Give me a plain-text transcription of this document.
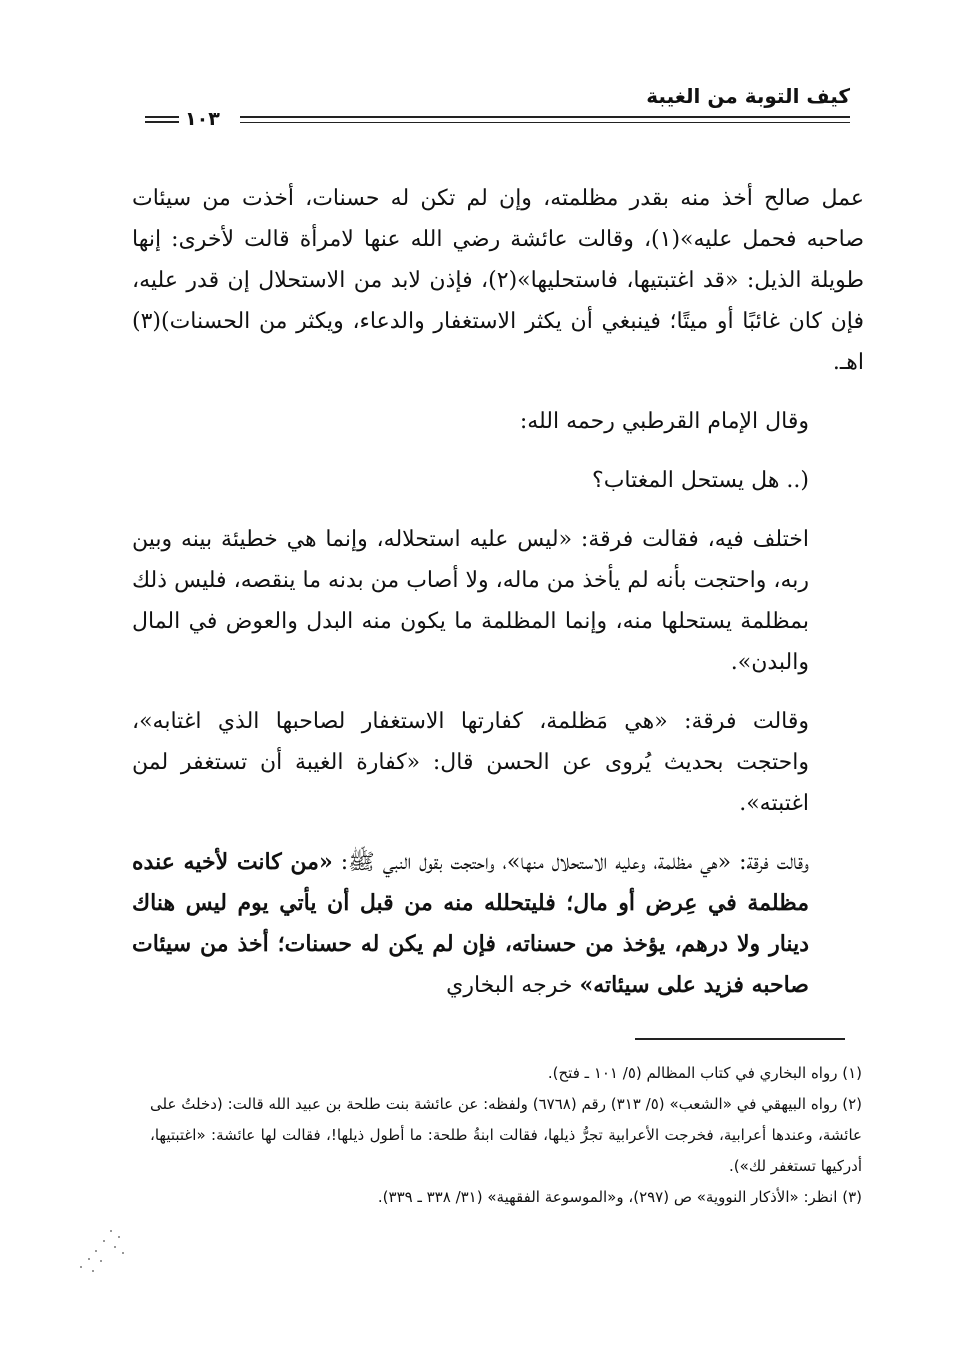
كيف التوبة من الغيبة
١٠٣

عمل صالح أخذ منه بقدر مظلمته، وإن لم تكن له حسنات، أخذت من سيئات صاحبه فحمل عليه»(١)، وقالت عائشة رضي الله عنها لامرأة قالت لأخرى: إنها طويلة الذيل: «قد اغتبتيها، فاستحليها»(٢)، فإذن لابد من الاستحلال إن قدر عليه، فإن كان غائبًا أو ميتًا؛ فينبغي أن يكثر الاستغفار والدعاء، ويكثر من الحسنات)(٣) اهـ.

وقال الإمام القرطبي رحمه الله:

(.. هل يستحل المغتاب؟

اختلف فيه، فقالت فرقة: «ليس عليه استحلاله، وإنما هي خطيئة بينه وبين ربه، واحتجت بأنه لم يأخذ من ماله، ولا أصاب من بدنه ما ينقصه، فليس ذلك بمظلمة يستحلها منه، وإنما المظلمة ما يكون منه البدل والعوض في المال والبدن».

وقالت فرقة: «هي مَظلمة، كفارتها الاستغفار لصاحبها الذي اغتابه»، واحتجت بحديث يُروى عن الحسن قال: «كفارة الغيبة أن تستغفر لمن اغتبته».

وقالت فرقة: «هي مظلمة، وعليه الاستحلال منها»، واحتجت بقول النبي ﷺ: «من كانت لأخيه عنده مظلمة في عِرض أو مال؛ فليتحلله منه من قبل أن يأتي يوم ليس هناك دينار ولا درهم، يؤخذ من حسناته، فإن لم يكن له حسنات؛ أخذ من سيئات صاحبه فزيد على سيئاته» خرجه البخاري

(١) رواه البخاري في كتاب المظالم (٥/ ١٠١ ـ فتح).

(٢) رواه البيهقي في «الشعب» (٥/ ٣١٣) رقم (٦٧٦٨) ولفظه: عن عائشة بنت طلحة بن عبيد الله قالت: (دخلتُ على عائشة، وعندها أعرابية، فخرجت الأعرابية تجرُّ ذيلها، فقالت ابنةُ طلحة: ما أطول ذيلها!، فقالت لها عائشة: «اغتبتيها، أدركيها تستغفر لك»).

(٣) انظر: «الأذكار النووية» ص (٢٩٧)، و«الموسوعة الفقهية» (٣١/ ٣٣٨ ـ ٣٣٩).
